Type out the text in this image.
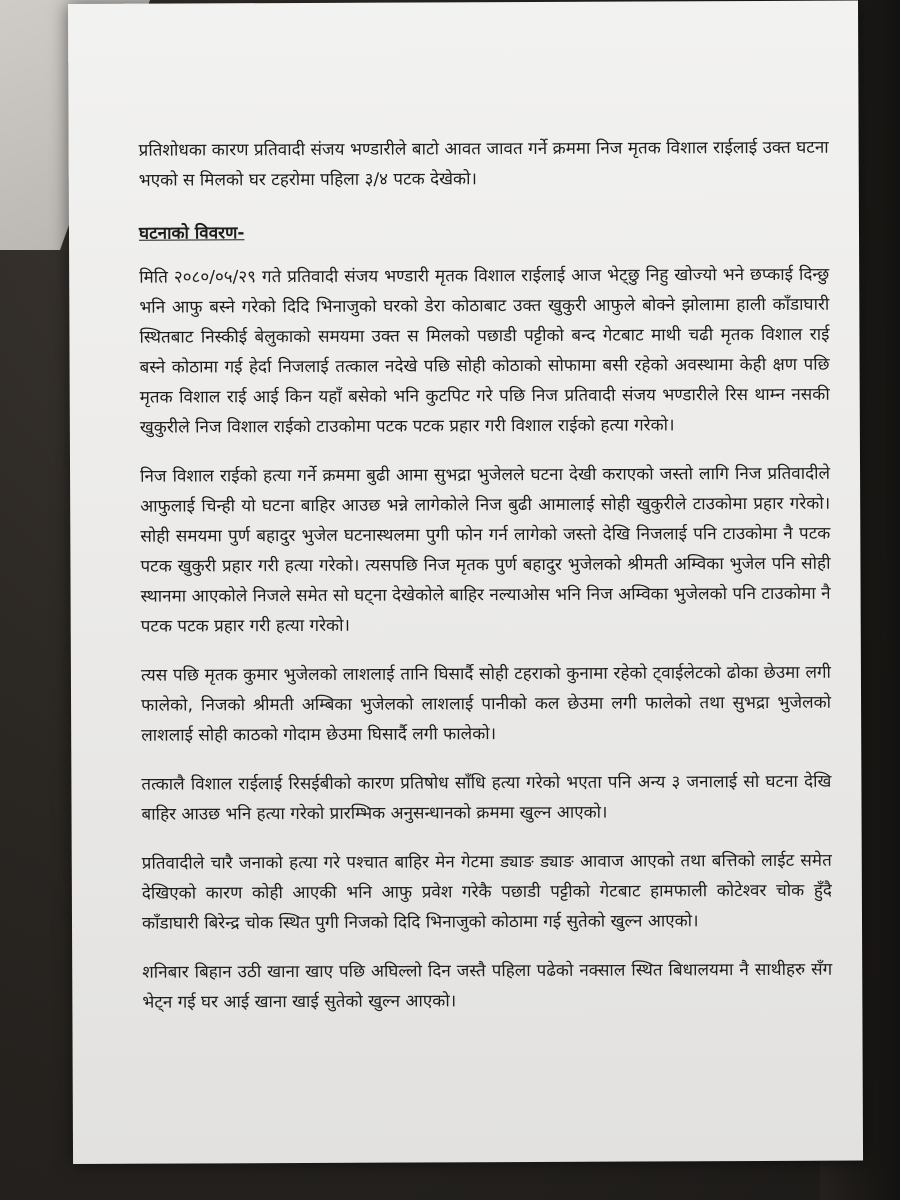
प्रतिशोधका कारण प्रतिवादी संजय भण्डारीले बाटो आवत जावत गर्ने क्रममा निज मृतक विशाल राईलाई उक्त घटना भएको स मिलको घर टहरोमा पहिला ३/४ पटक देखेको।

घटनाको विवरण-

मिति २०८०/०५/२९ गते प्रतिवादी संजय भण्डारी मृतक विशाल राईलाई आज भेट्छु निहु खोज्यो भने छप्काई दिन्छु भनि आफु बस्ने गरेको दिदि भिनाजुको घरको डेरा कोठाबाट उक्त खुकुरी आफुले बोक्ने झोलामा हाली काँडाघारी स्थितबाट निस्कीई बेलुकाको समयमा उक्त स मिलको पछाडी पट्टीको बन्द गेटबाट माथी चढी मृतक विशाल राई बस्ने कोठामा गई हेर्दा निजलाई तत्काल नदेखे पछि सोही कोठाको सोफामा बसी रहेको अवस्थामा केही क्षण पछि मृतक विशाल राई आई किन यहाँ बसेको भनि कुटपिट गरे पछि निज प्रतिवादी संजय भण्डारीले रिस थाम्न नसकी खुकुरीले निज विशाल राईको टाउकोमा पटक पटक प्रहार गरी विशाल राईको हत्या गरेको।

निज विशाल राईको हत्या गर्ने क्रममा बुढी आमा सुभद्रा भुजेलले घटना देखी कराएको जस्तो लागि निज प्रतिवादीले आफुलाई चिन्ही यो घटना बाहिर आउछ भन्ने लागेकोले निज बुढी आमालाई सोही खुकुरीले टाउकोमा प्रहार गरेको। सोही समयमा पुर्ण बहादुर भुजेल घटनास्थलमा पुगी फोन गर्न लागेको जस्तो देखि निजलाई पनि टाउकोमा नै पटक पटक खुकुरी प्रहार गरी हत्या गरेको। त्यसपछि निज मृतक पुर्ण बहादुर भुजेलको श्रीमती अम्विका भुजेल पनि सोही स्थानमा आएकोले निजले समेत सो घट्ना देखेकोले बाहिर नल्याओस भनि निज अम्विका भुजेलको पनि टाउकोमा नै पटक पटक प्रहार गरी हत्या गरेको।

त्यस पछि मृतक कुमार भुजेलको लाशलाई तानि घिसार्दै सोही टहराको कुनामा रहेको ट्वाईलेटको ढोका छेउमा लगी फालेको, निजको श्रीमती अम्बिका भुजेलको लाशलाई पानीको कल छेउमा लगी फालेको तथा सुभद्रा भुजेलको लाशलाई सोही काठको गोदाम छेउमा घिसार्दै लगी फालेको।

तत्कालै विशाल राईलाई रिसईबीको कारण प्रतिषोध साँधि हत्या गरेको भएता पनि अन्य ३ जनालाई सो घटना देखि बाहिर आउछ भनि हत्या गरेको प्रारम्भिक अनुसन्धानको क्रममा खुल्न आएको।

प्रतिवादीले चारै जनाको हत्या गरे पश्चात बाहिर मेन गेटमा ड्याङ ड्याङ आवाज आएको तथा बत्तिको लाईट समेत देखिएको कारण कोही आएकी भनि आफु प्रवेश गरेकै पछाडी पट्टीको गेटबाट हामफाली कोटेश्वर चोक हुँदै काँडाघारी बिरेन्द्र चोक स्थित पुगी निजको दिदि भिनाजुको कोठामा गई सुतेको खुल्न आएको।

शनिबार बिहान उठी खाना खाए पछि अघिल्लो दिन जस्तै पहिला पढेको नक्साल स्थित बिधालयमा नै साथीहरु सँग भेट्न गई घर आई खाना खाई सुतेको खुल्न आएको।
